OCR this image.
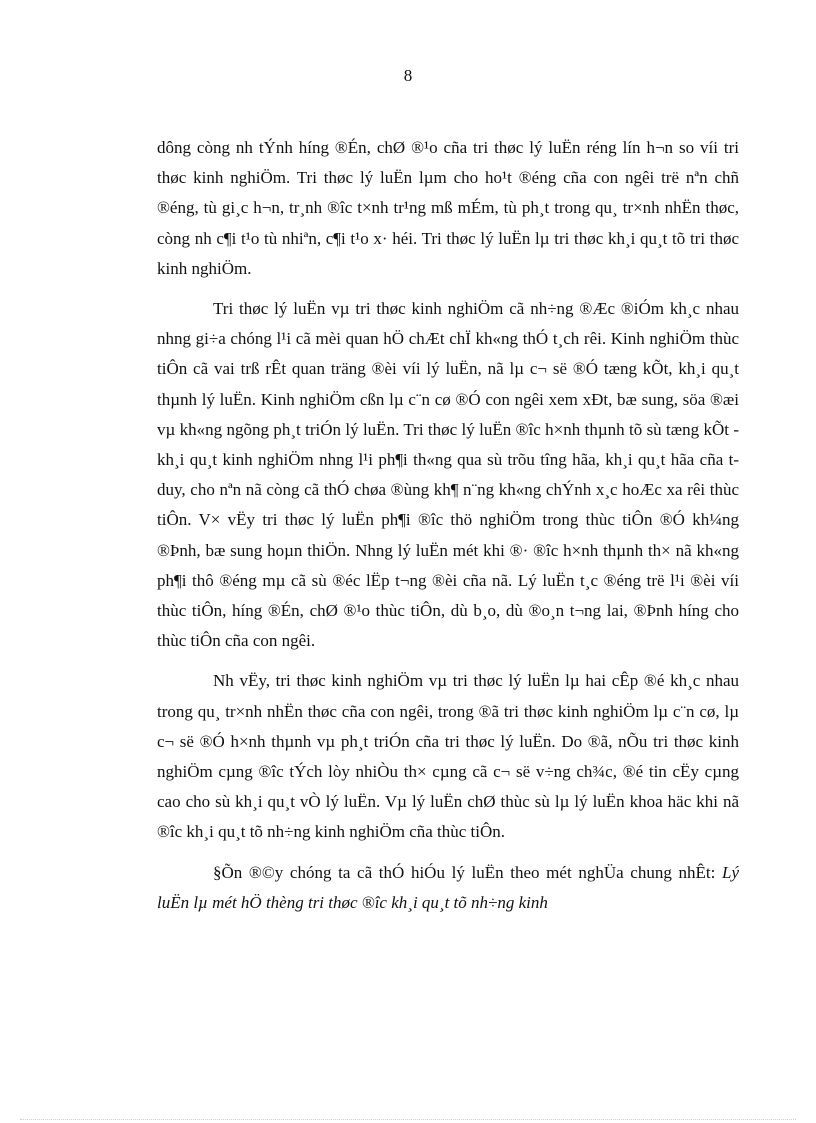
8

dông còng nh tÝnh híng ®Én, chØ ®¹o cña tri thøc lý luËn réng lín h¬n so víi tri thøc kinh nghiÖm. Tri thøc lý luËn lµm cho ho¹t ®éng cña con ngêi trë nªn chñ ®éng, tù gi¸c h¬n, tr¸nh ®îc t×nh tr¹ng mß mÉm, tù ph¸t trong qu¸ tr×nh nhËn thøc, còng nh c¶i t¹o tù nhiªn, c¶i t¹o x· héi. Tri thøc lý luËn lµ tri thøc kh¸i qu¸t tõ tri thøc kinh nghiÖm.

Tri thøc lý luËn vµ tri thøc kinh nghiÖm cã nh÷ng ®Æc ®iÓm kh¸c nhau nhng gi÷a chóng l¹i cã mèi quan hÖ chÆt chÏ kh«ng thÓ t¸ch rêi. Kinh nghiÖm thùc tiÔn cã vai trß rÊt quan träng ®èi víi lý luËn, nã lµ c¬ së ®Ó tæng kÕt, kh¸i qu¸t thµnh lý luËn. Kinh nghiÖm cßn lµ c¨n cø ®Ó con ngêi xem xÐt, bæ sung, söa ®æi vµ kh«ng ngõng ph¸t triÓn lý luËn. Tri thøc lý luËn ®îc h×nh thµnh tõ sù tæng kÕt - kh¸i qu¸t kinh nghiÖm nhng l¹i ph¶i th«ng qua sù trõu tîng hãa, kh¸i qu¸t hãa cña t duy, cho nªn nã còng cã thÓ chøa ®ùng kh¶ n¨ng kh«ng chÝnh x¸c hoÆc xa rêi thùc tiÔn. V× vËy tri thøc lý luËn ph¶i ®îc thö nghiÖm trong thùc tiÔn ®Ó kh¼ng ®Þnh, bæ sung hoµn thiÖn. Nhng lý luËn mét khi ®· ®îc h×nh thµnh th× nã kh«ng ph¶i thô ®éng mµ cã sù ®éc lËp t¬ng ®èi cña nã. Lý luËn t¸c ®éng trë l¹i ®èi víi thùc tiÔn, híng ®Én, chØ ®¹o thùc tiÔn, dù b¸o, dù ®o¸n t¬ng lai, ®Þnh híng cho thùc tiÔn cña con ngêi.

Nh vËy, tri thøc kinh nghiÖm vµ tri thøc lý luËn lµ hai cÊp ®é kh¸c nhau trong qu¸ tr×nh nhËn thøc cña con ngêi, trong ®ã tri thøc kinh nghiÖm lµ c¨n cø, lµ c¬ së ®Ó h×nh thµnh vµ ph¸t triÓn cña tri thøc lý luËn. Do ®ã, nÕu tri thøc kinh nghiÖm cµng ®îc tÝch lòy nhiÒu th× cµng cã c¬ së v÷ng ch¾c, ®é tin cËy cµng cao cho sù kh¸i qu¸t vÒ lý luËn. Vµ lý luËn chØ thùc sù lµ lý luËn khoa häc khi nã ®îc kh¸i qu¸t tõ nh÷ng kinh nghiÖm cña thùc tiÔn.

§Õn ®©y chóng ta cã thÓ hiÓu lý luËn theo mét nghÜa chung nhÊt: Lý luËn lµ mét hÖ thèng tri thøc ®îc kh¸i qu¸t tõ nh÷ng kinh
